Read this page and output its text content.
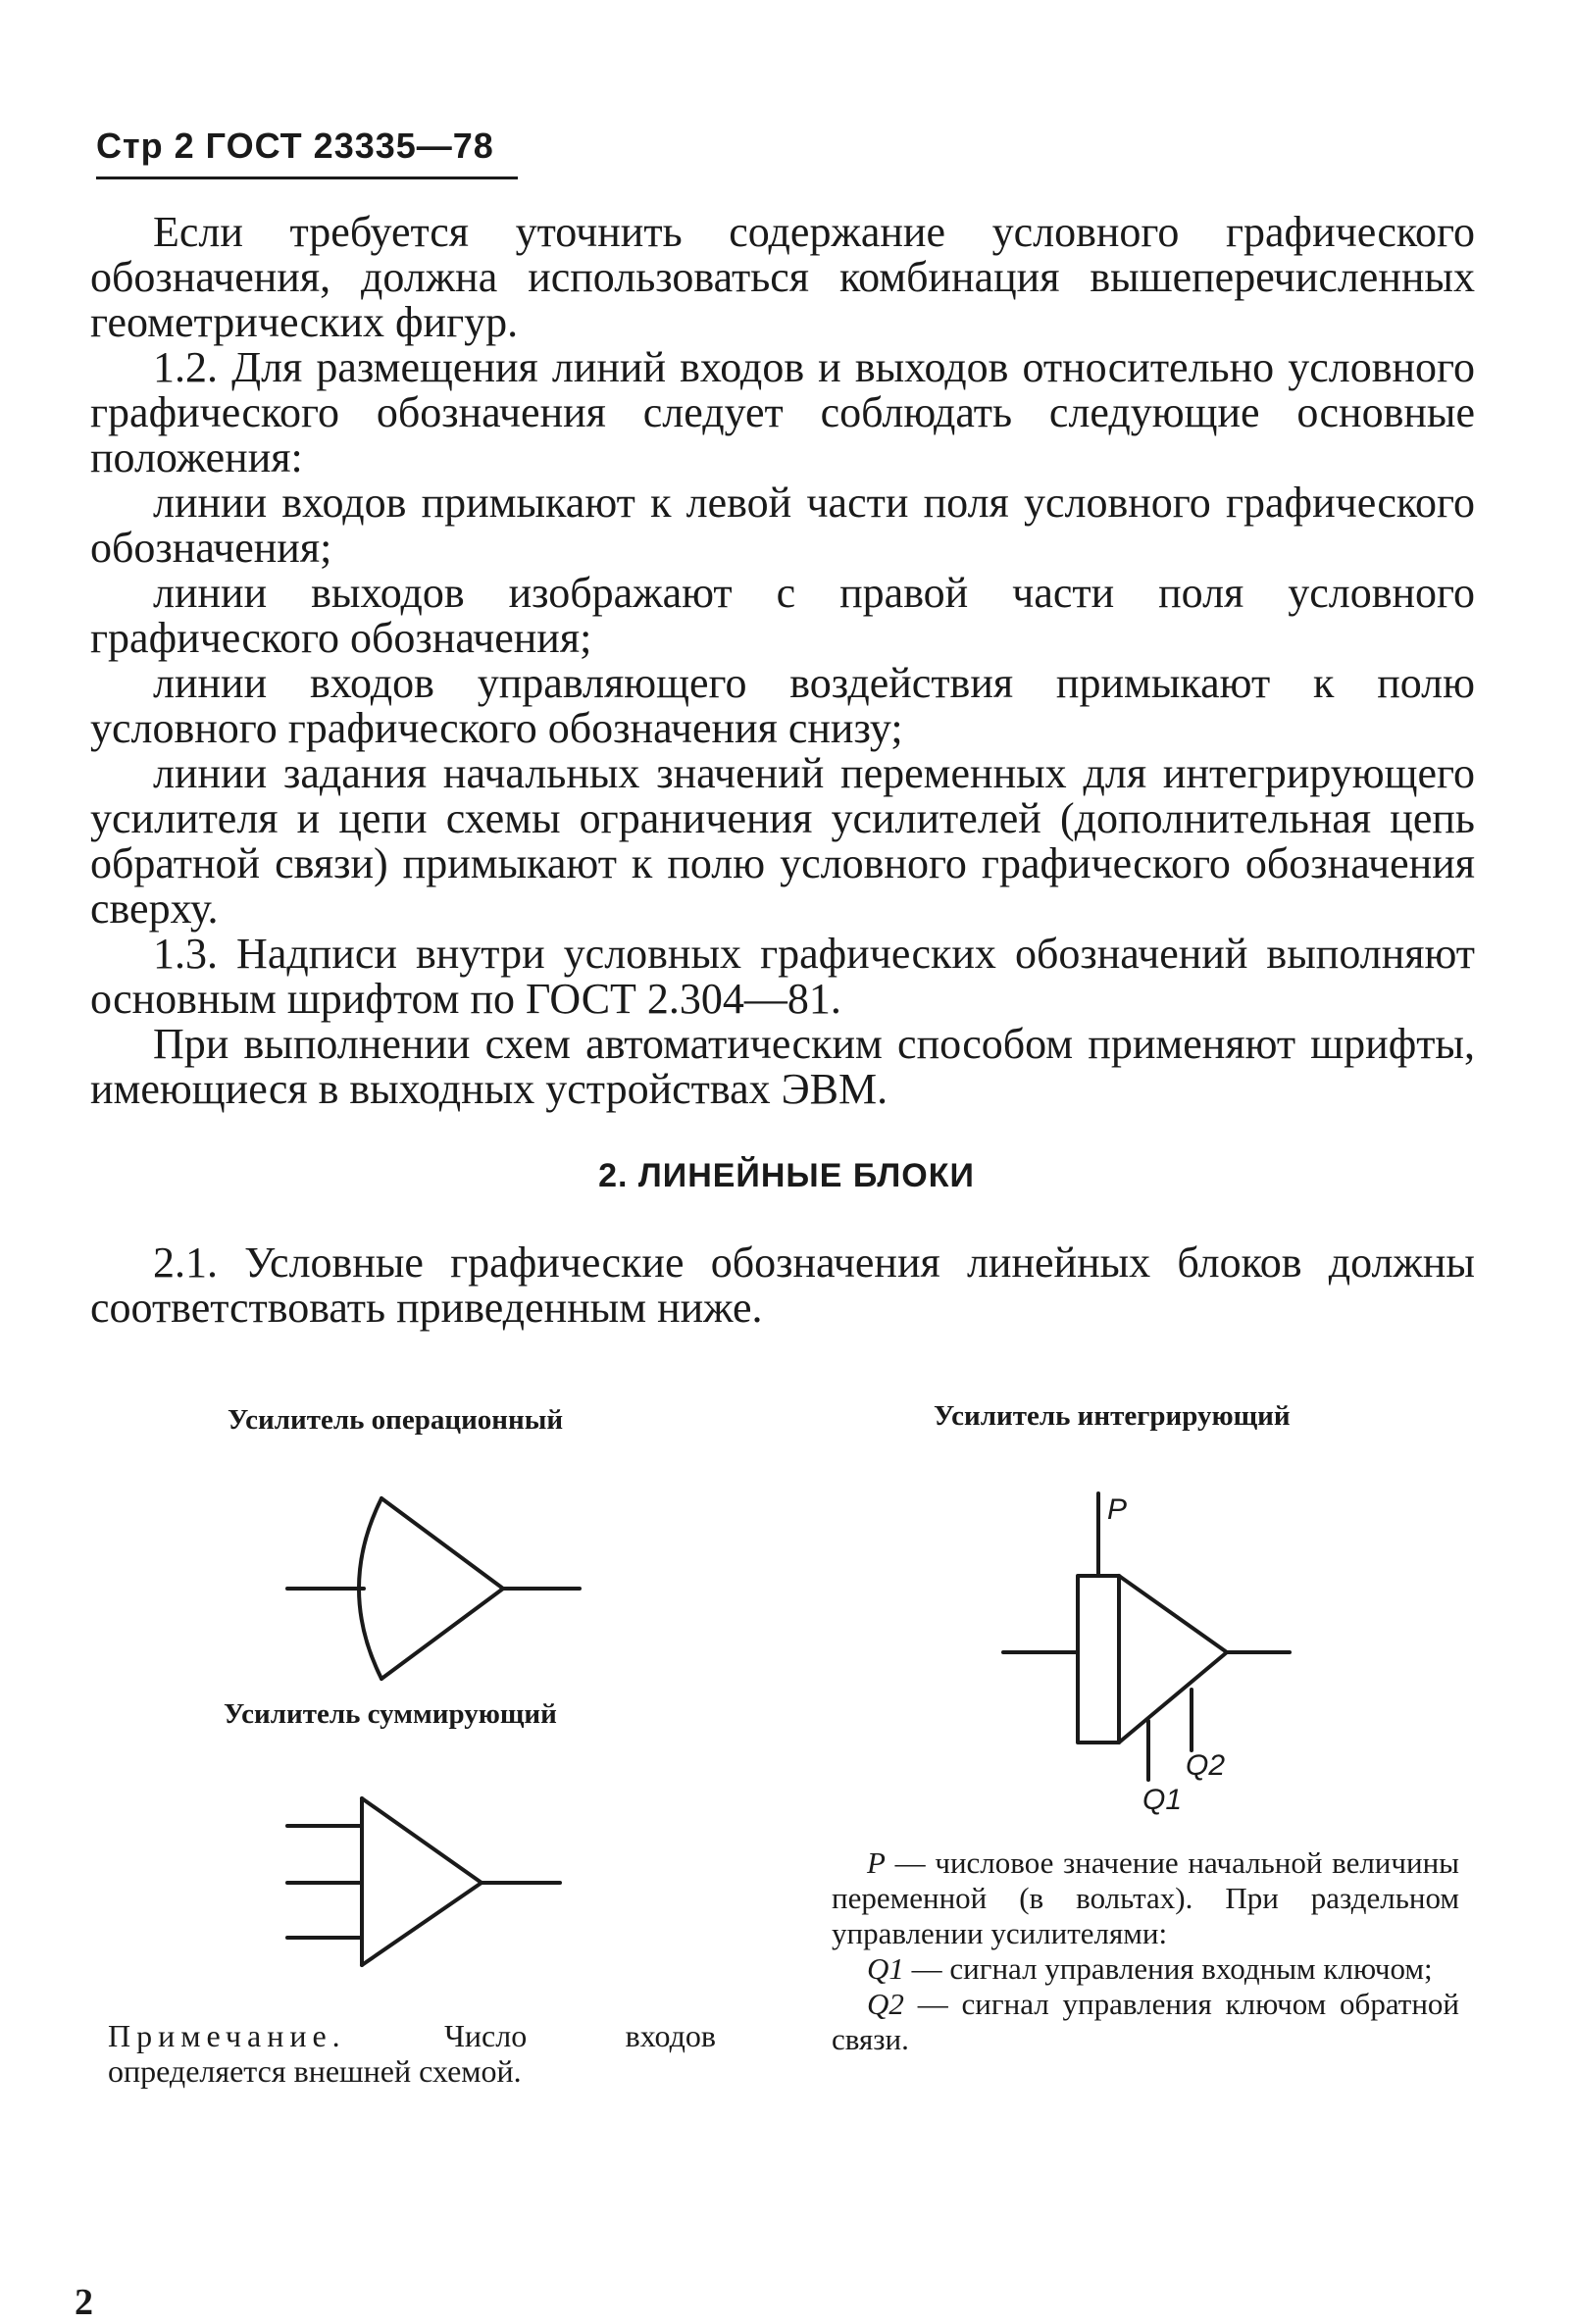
Стр 2 ГОСТ 23335—78

Если требуется уточнить содержание условного графического обозначения, должна использоваться комбинация вышеперечисленных геометрических фигур.

1.2. Для размещения линий входов и выходов относительно условного графического обозначения следует соблюдать следующие основные положения:

линии входов примыкают к левой части поля условного графического обозначения;

линии выходов изображают с правой части поля условного графического обозначения;

линии входов управляющего воздействия примыкают к полю условного графического обозначения снизу;

линии задания начальных значений переменных для интегрирующего усилителя и цепи схемы ограничения усилителей (дополнительная цепь обратной связи) примыкают к полю условного графического обозначения сверху.

1.3. Надписи внутри условных графических обозначений выполняют основным шрифтом по ГОСТ 2.304—81.

При выполнении схем автоматическим способом применяют шрифты, имеющиеся в выходных устройствах ЭВМ.

2. ЛИНЕЙНЫЕ БЛОКИ
2.1. Условные графические обозначения линейных блоков должны соответствовать приведенным ниже.
Усилитель операционный
Усилитель суммирующий
Усилитель интегрирующий
P
Q1
Q2
Примечание.	Число входов определяется внешней схемой.

P — числовое значение начальной величины переменной (в вольтах). При раздельном управлении усилителями:

Q1 — сигнал управления входным ключом;

Q2 — сигнал управления ключом обратной связи.

2
